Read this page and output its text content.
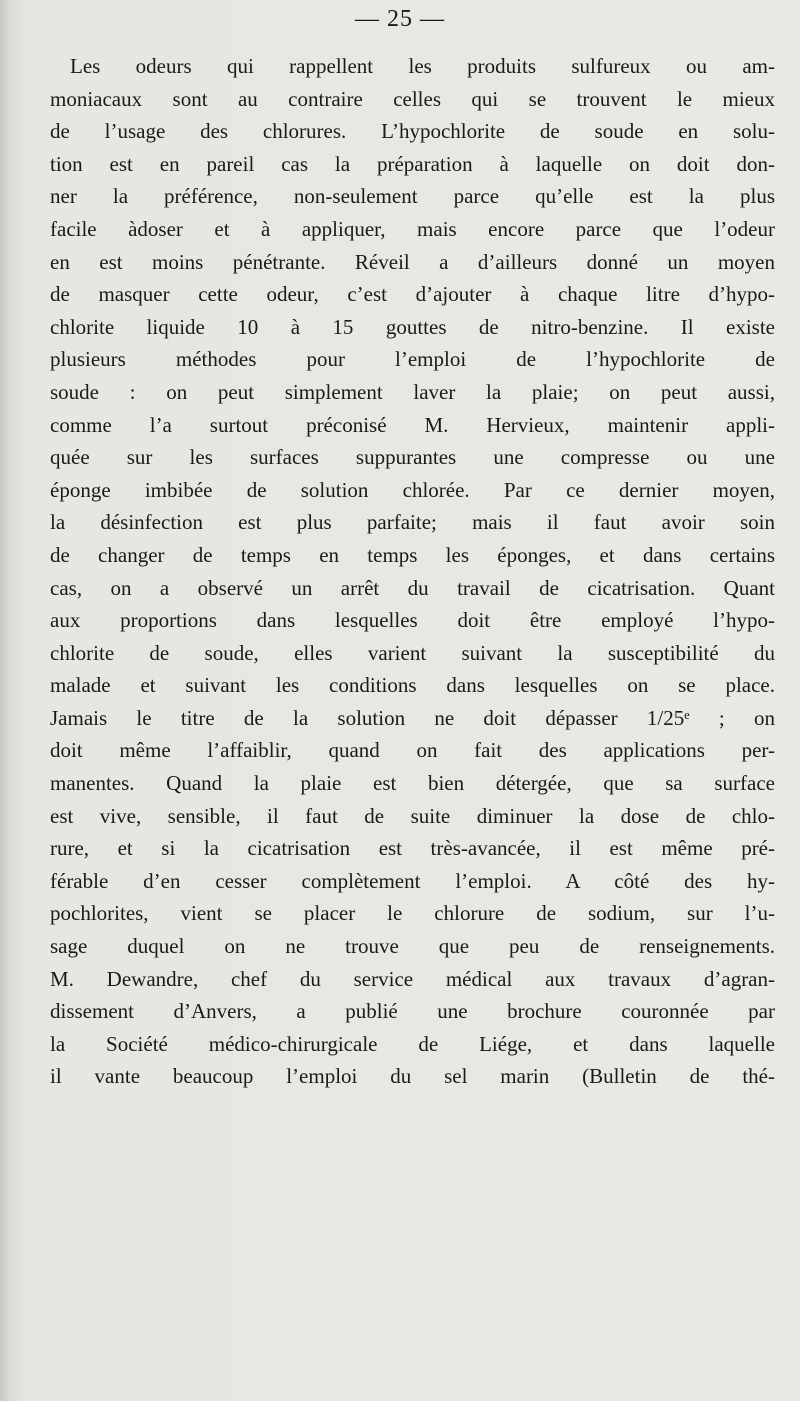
— 25 —
Les odeurs qui rappellent les produits sulfureux ou am-
moniacaux sont au contraire celles qui se trouvent le mieux
de l’usage des chlorures. L’hypochlorite de soude en solu-
tion est en pareil cas la préparation à laquelle on doit don-
ner la préférence, non-seulement parce qu’elle est la plus
facile àdoser et à appliquer, mais encore parce que l’odeur
en est moins pénétrante. Réveil a d’ailleurs donné un moyen
de masquer cette odeur, c’est d’ajouter à chaque litre d’hypo-
chlorite liquide 10 à 15 gouttes de nitro-benzine. Il existe
plusieurs méthodes pour l’emploi de l’hypochlorite de
soude : on peut simplement laver la plaie; on peut aussi,
comme l’a surtout préconisé M. Hervieux, maintenir appli-
quée sur les surfaces suppurantes une compresse ou une
éponge imbibée de solution chlorée. Par ce dernier moyen,
la désinfection est plus parfaite; mais il faut avoir soin
de changer de temps en temps les éponges, et dans certains
cas, on a observé un arrêt du travail de cicatrisation. Quant
aux proportions dans lesquelles doit être employé l’hypo-
chlorite de soude, elles varient suivant la susceptibilité du
malade et suivant les conditions dans lesquelles on se place.
Jamais le titre de la solution ne doit dépasser 1/25ᵉ ; on
doit même l’affaiblir, quand on fait des applications per-
manentes. Quand la plaie est bien détergée, que sa surface
est vive, sensible, il faut de suite diminuer la dose de chlo-
rure, et si la cicatrisation est très-avancée, il est même pré-
férable d’en cesser complètement l’emploi. A côté des hy-
pochlorites, vient se placer le chlorure de sodium, sur l’u-
sage duquel on ne trouve que peu de renseignements.
M. Dewandre, chef du service médical aux travaux d’agran-
dissement d’Anvers, a publié une brochure couronnée par
la Société médico-chirurgicale de Liége, et dans laquelle
il vante beaucoup l’emploi du sel marin (Bulletin de thé-
